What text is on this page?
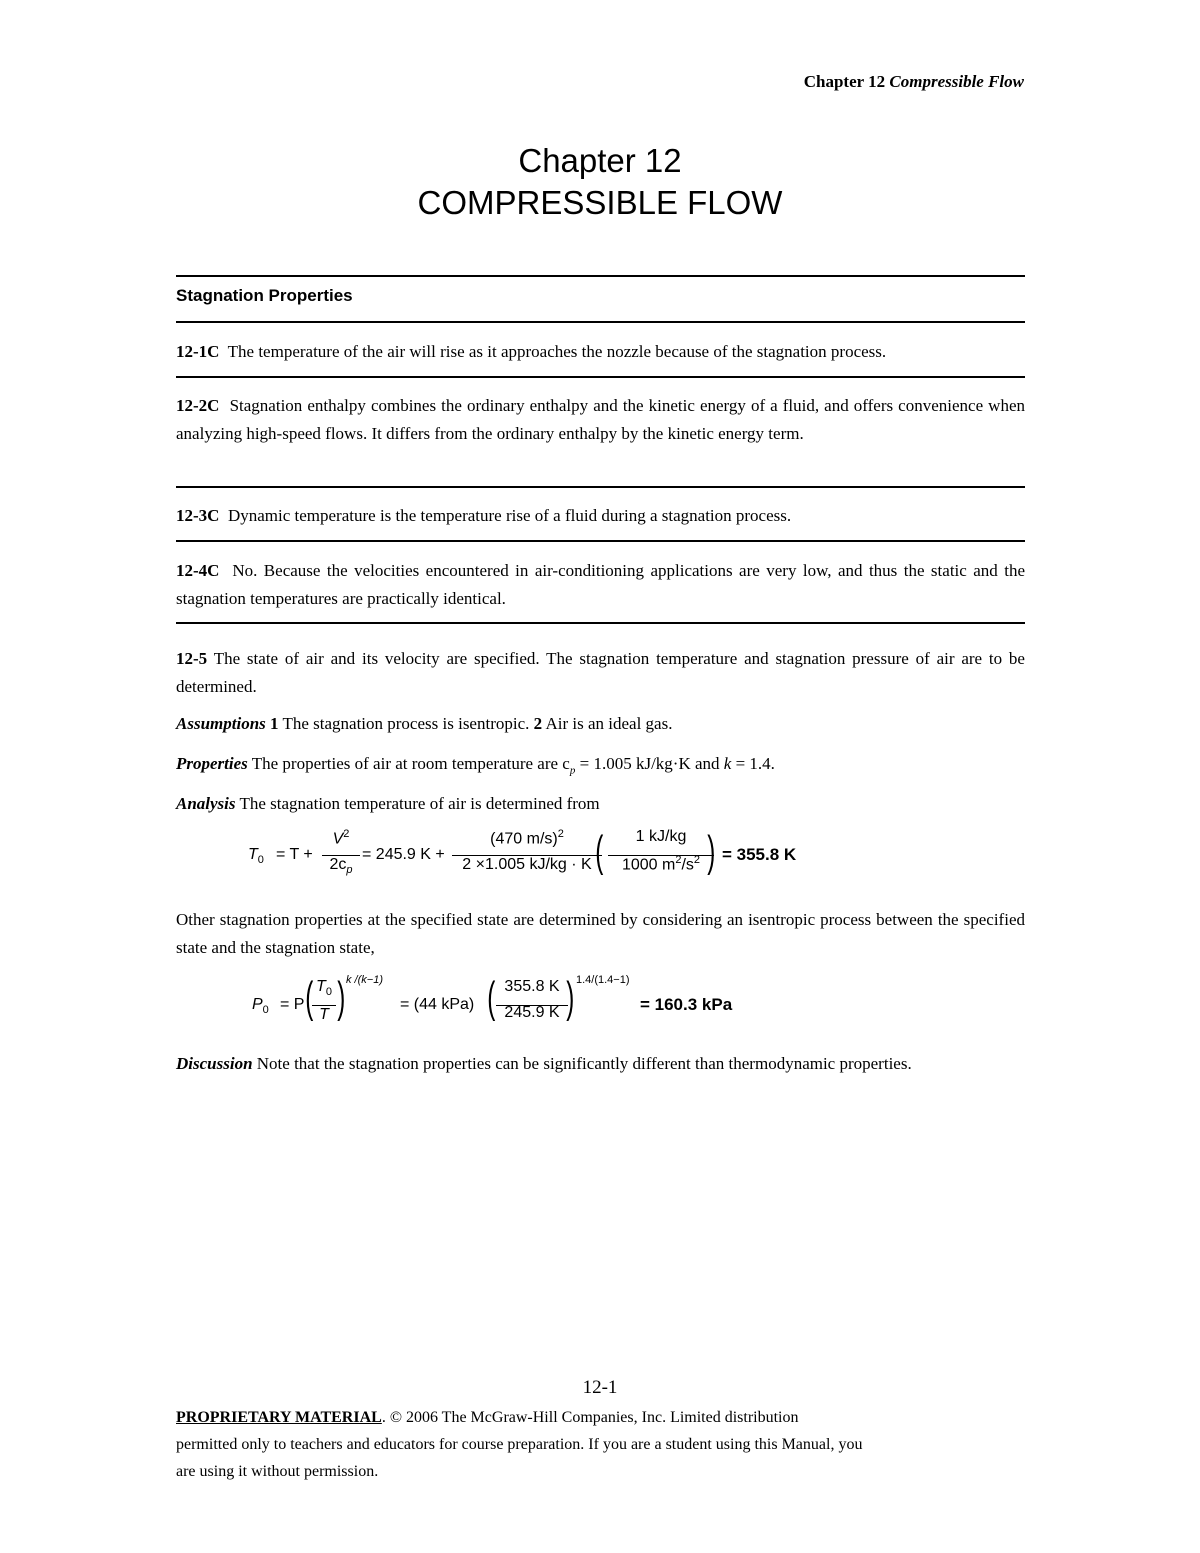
Chapter 12 Compressible Flow
Chapter 12
COMPRESSIBLE FLOW
Stagnation Properties
12-1C The temperature of the air will rise as it approaches the nozzle because of the stagnation process.
12-2C Stagnation enthalpy combines the ordinary enthalpy and the kinetic energy of a fluid, and offers convenience when analyzing high-speed flows. It differs from the ordinary enthalpy by the kinetic energy term.
12-3C Dynamic temperature is the temperature rise of a fluid during a stagnation process.
12-4C No. Because the velocities encountered in air-conditioning applications are very low, and thus the static and the stagnation temperatures are practically identical.
12-5 The state of air and its velocity are specified. The stagnation temperature and stagnation pressure of air are to be determined.
Assumptions 1 The stagnation process is isentropic. 2 Air is an ideal gas.
Properties The properties of air at room temperature are $c_p = 1.005$ kJ/kg·K and k = 1.4.
Analysis The stagnation temperature of air is determined from
$T_0 = T$ +
$V^2$
$2c_p$
= 245.9 K +
(470 m/s)$^2$
2 ×1.005 kJ/kg · K (	1 kJ/kg
1000 $m^2/s^2$ ) = 355.8 K
Other stagnation properties at the specified state are determined by considering an isentropic process between the specified state and the stagnation state,
$P_0 = P$ ( $T_0$
T ) k /(k−1)
= (44 kPa) ( 355.8 K
245.9 K ) 1.4/(1.4−1)
= 160.3 kPa
Discussion Note that the stagnation properties can be significantly different than thermodynamic properties.
12-1
PROPRIETARY MATERIAL. © 2006 The McGraw-Hill Companies, Inc. Limited distribution
permitted only to teachers and educators for course preparation. If you are a student using this Manual, you
are using it without permission.
